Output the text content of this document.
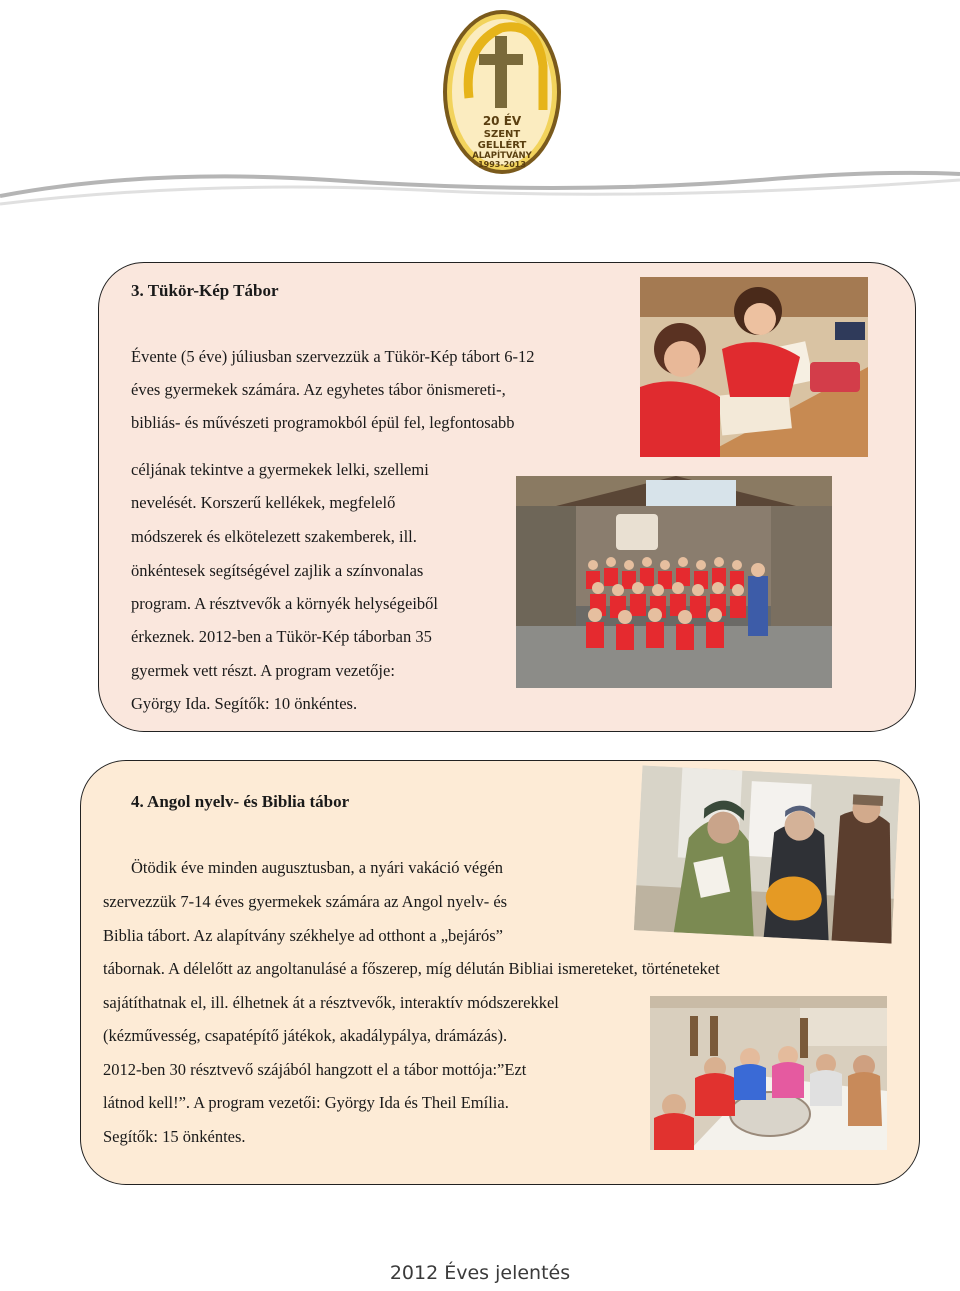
20 ÉV
SZENT
GELLÉRT
ALAPÍTVÁNY
1993-2013
3. Tükör-Kép Tábor

Évente (5 éve) júliusban szervezzük a Tükör-Kép tábort 6-12

éves gyermekek számára. Az egyhetes tábor önismereti-,

bibliás- és művészeti programokból épül fel, legfontosabb

céljának tekintve a gyermekek lelki, szellemi

nevelését. Korszerű kellékek, megfelelő

módszerek és elkötelezett szakemberek, ill.

önkéntesek segítségével zajlik a színvonalas

program. A résztvevők a környék helységeiből

érkeznek. 2012-ben a Tükör-Kép táborban 35

gyermek vett részt. A program vezetője:

György Ida. Segítők: 10 önkéntes.

4. Angol nyelv- és Biblia tábor

Ötödik éve minden augusztusban, a nyári vakáció végén

szervezzük 7-14 éves gyermekek számára az Angol nyelv- és

Biblia tábort. Az alapítvány székhelye ad otthont a „bejárós”

tábornak. A délelőtt az angoltanulásé a főszerep, míg délután Bibliai ismereteket, történeteket

sajátíthatnak el, ill. élhetnek át a résztvevők, interaktív módszerekkel

(kézművesség, csapatépítő játékok, akadálypálya, drámázás).

2012-ben 30 résztvevő szájából hangzott el a tábor mottója:”Ezt

látnod kell!”. A program vezetői: György Ida és Theil Emília.

Segítők: 15 önkéntes.

2012 Éves jelentés
